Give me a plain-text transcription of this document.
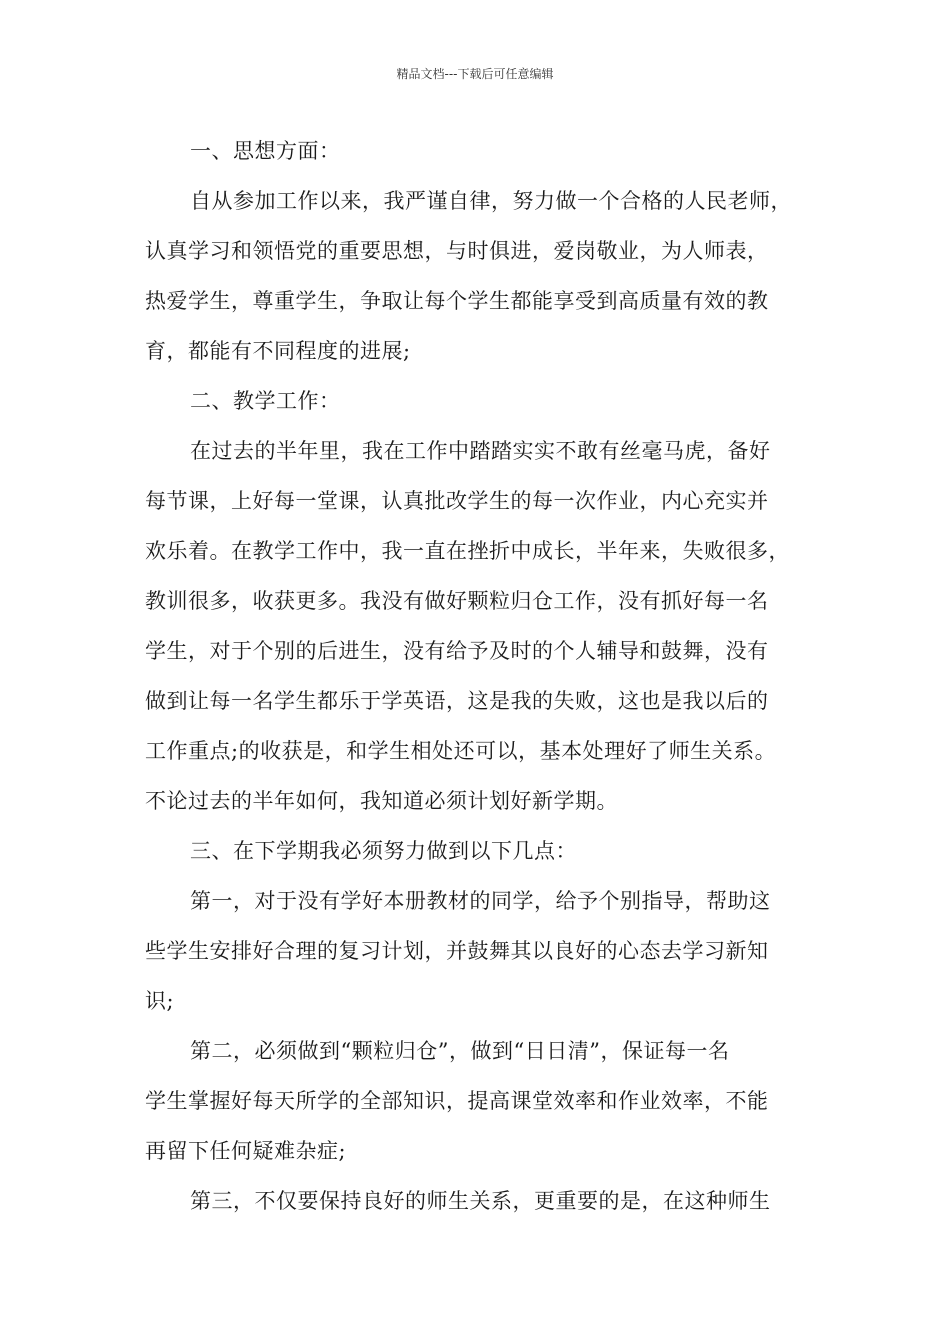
精品文档---下载后可任意编辑
一、思想方面：
自从参加工作以来，我严谨自律，努力做一个合格的人民老师，
认真学习和领悟党的重要思想，与时俱进，爱岗敬业，为人师表，
热爱学生，尊重学生，争取让每个学生都能享受到高质量有效的教
育，都能有不同程度的进展;
二、教学工作：
在过去的半年里，我在工作中踏踏实实不敢有丝毫马虎，备好
每节课，上好每一堂课，认真批改学生的每一次作业，内心充实并
欢乐着。在教学工作中，我一直在挫折中成长，半年来，失败很多，
教训很多，收获更多。我没有做好颗粒归仓工作，没有抓好每一名
学生，对于个别的后进生，没有给予及时的个人辅导和鼓舞，没有
做到让每一名学生都乐于学英语，这是我的失败，这也是我以后的
工作重点;的收获是，和学生相处还可以，基本处理好了师生关系。
不论过去的半年如何，我知道必须计划好新学期。
三、在下学期我必须努力做到以下几点：
第一，对于没有学好本册教材的同学，给予个别指导，帮助这
些学生安排好合理的复习计划，并鼓舞其以良好的心态去学习新知
识;
第二，必须做到“颗粒归仓”，做到“日日清”，保证每一名
学生掌握好每天所学的全部知识，提高课堂效率和作业效率，不能
再留下任何疑难杂症;
第三，不仅要保持良好的师生关系，更重要的是，在这种师生
